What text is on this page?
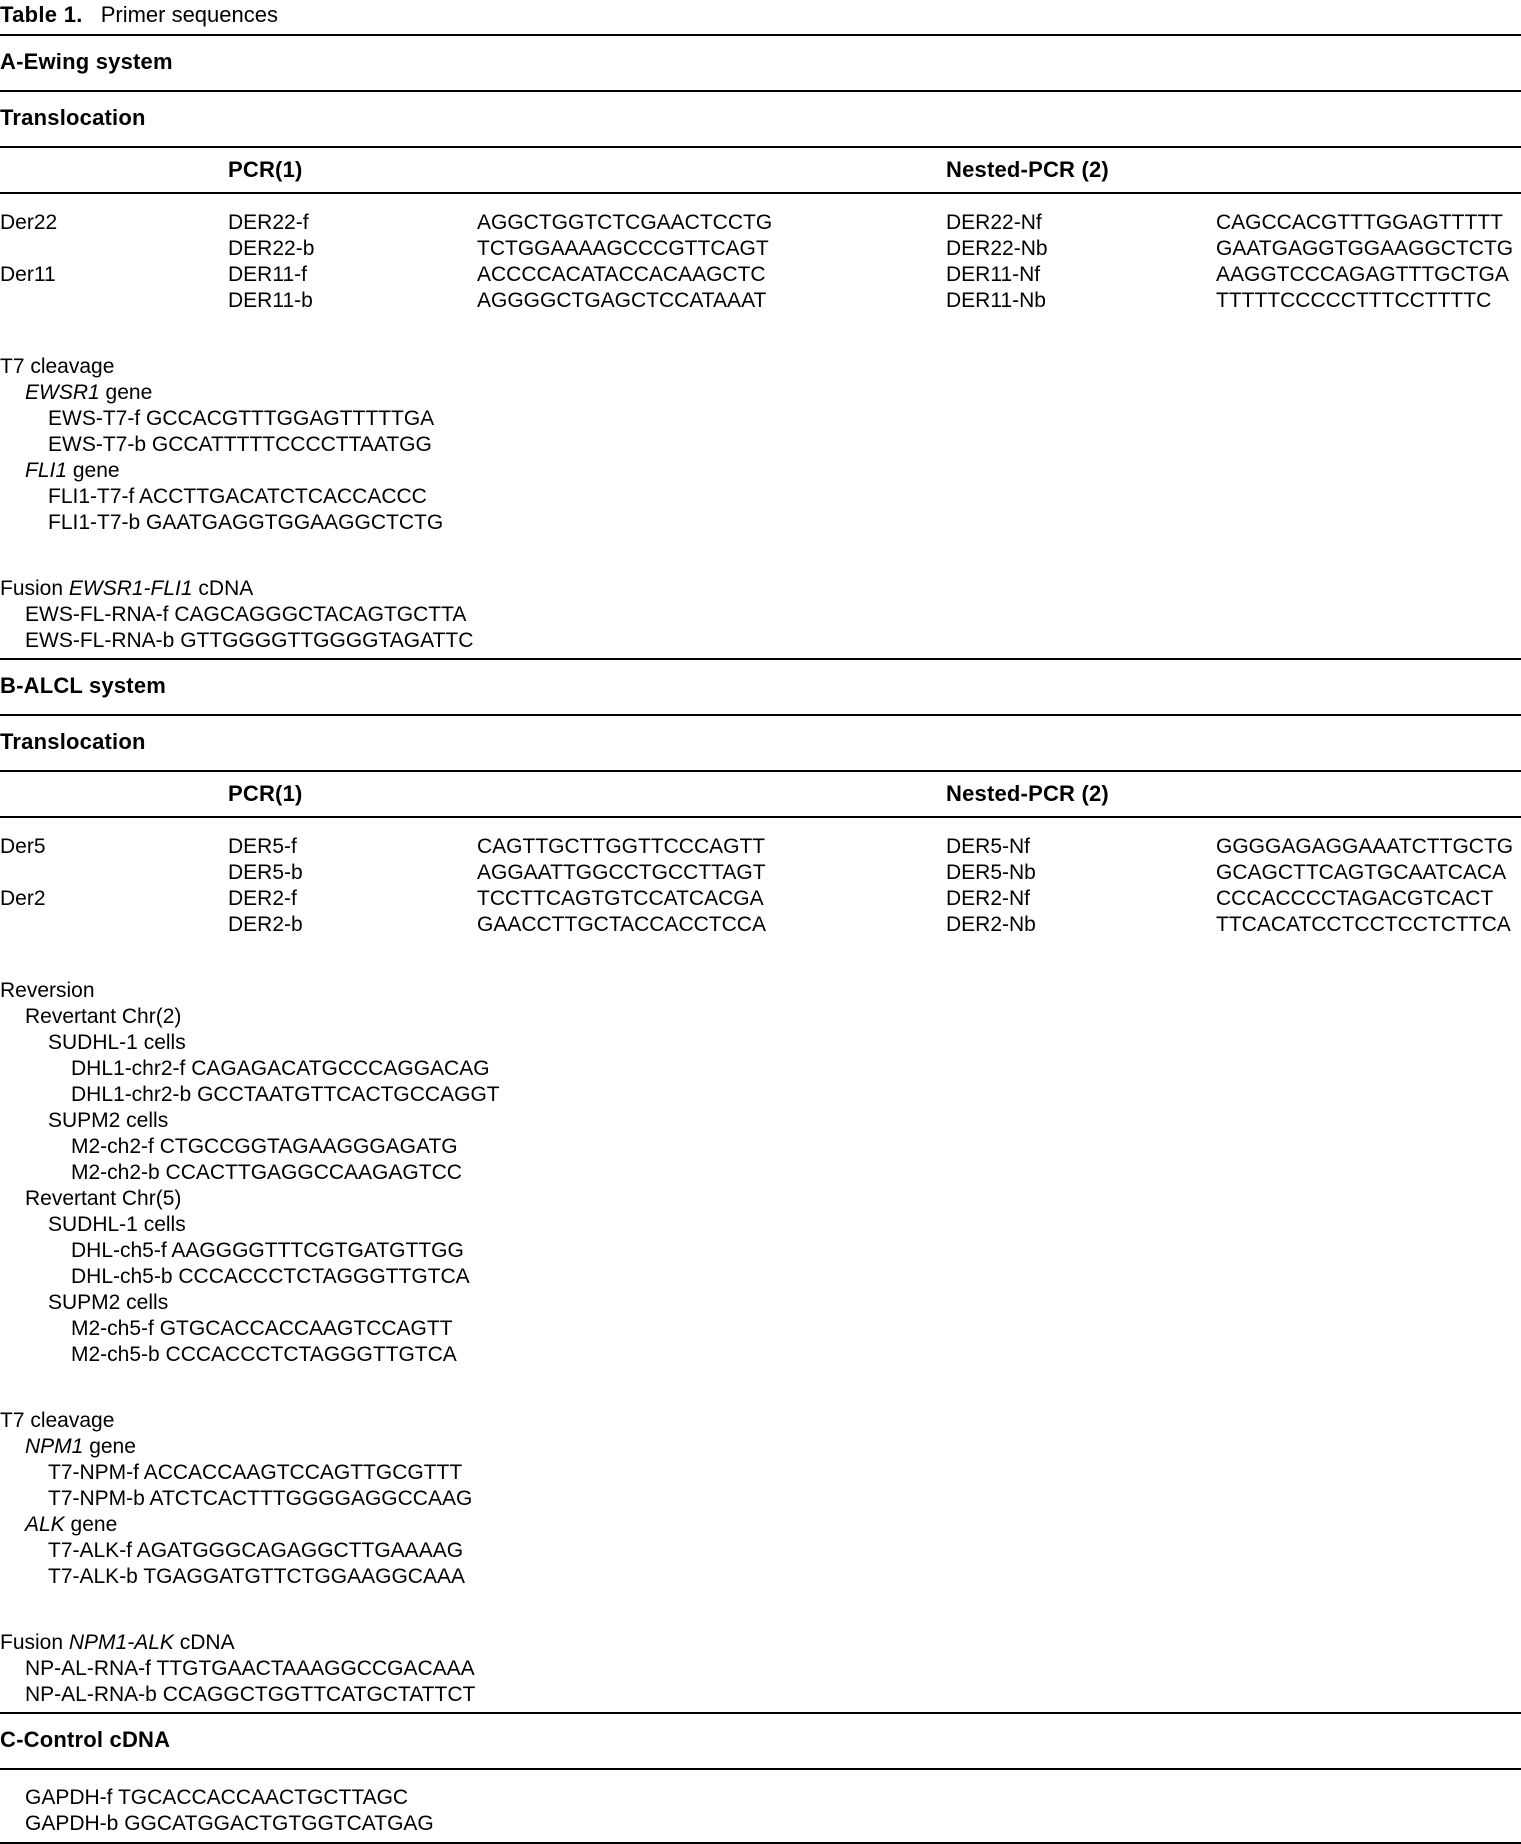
Table 1. Primer sequences
A-Ewing system
Translocation
PCR(1)	Nested-PCR (2)
Der22	DER22-f	AGGCTGGTCTCGAACTCCTG	DER22-Nf	CAGCCACGTTTGGAGTTTTT
DER22-b	TCTGGAAAAGCCCGTTCAGT	DER22-Nb	GAATGAGGTGGAAGGCTCTG
Der11	DER11-f	ACCCCACATACCACAAGCTC	DER11-Nf	AAGGTCCCAGAGTTTGCTGA
DER11-b	AGGGGCTGAGCTCCATAAAT	DER11-Nb	TTTTTCCCCCTTTCCTTTTC
T7 cleavage
EWSR1 gene
EWS-T7-f GCCACGTTTGGAGTTTTTGA
EWS-T7-b GCCATTTTTCCCCTTAATGG
FLI1 gene
FLI1-T7-f ACCTTGACATCTCACCACCC
FLI1-T7-b GAATGAGGTGGAAGGCTCTG
Fusion EWSR1-FLI1 cDNA
EWS-FL-RNA-f CAGCAGGGCTACAGTGCTTA
EWS-FL-RNA-b GTTGGGGTTGGGGTAGATTC
B-ALCL system
Translocation
PCR(1)	Nested-PCR (2)
Der5	DER5-f	CAGTTGCTTGGTTCCCAGTT	DER5-Nf	GGGGAGAGGAAATCTTGCTG
DER5-b	AGGAATTGGCCTGCCTTAGT	DER5-Nb	GCAGCTTCAGTGCAATCACA
Der2	DER2-f	TCCTTCAGTGTCCATCACGA	DER2-Nf	CCCACCCCTAGACGTCACT
DER2-b	GAACCTTGCTACCACCTCCA	DER2-Nb	TTCACATCCTCCTCCTCTTCA
Reversion
Revertant Chr(2)
SUDHL-1 cells
DHL1-chr2-f CAGAGACATGCCCAGGACAG
DHL1-chr2-b GCCTAATGTTCACTGCCAGGT
SUPM2 cells
M2-ch2-f CTGCCGGTAGAAGGGAGATG
M2-ch2-b CCACTTGAGGCCAAGAGTCC
Revertant Chr(5)
SUDHL-1 cells
DHL-ch5-f AAGGGGTTTCGTGATGTTGG
DHL-ch5-b CCCACCCTCTAGGGTTGTCA
SUPM2 cells
M2-ch5-f GTGCACCACCAAGTCCAGTT
M2-ch5-b CCCACCCTCTAGGGTTGTCA
T7 cleavage
NPM1 gene
T7-NPM-f ACCACCAAGTCCAGTTGCGTTT
T7-NPM-b ATCTCACTTTGGGGAGGCCAAG
ALK gene
T7-ALK-f AGATGGGCAGAGGCTTGAAAAG
T7-ALK-b TGAGGATGTTCTGGAAGGCAAA
Fusion NPM1-ALK cDNA
NP-AL-RNA-f TTGTGAACTAAAGGCCGACAAA
NP-AL-RNA-b CCAGGCTGGTTCATGCTATTCT
C-Control cDNA
GAPDH-f TGCACCACCAACTGCTTAGC
GAPDH-b GGCATGGACTGTGGTCATGAG
